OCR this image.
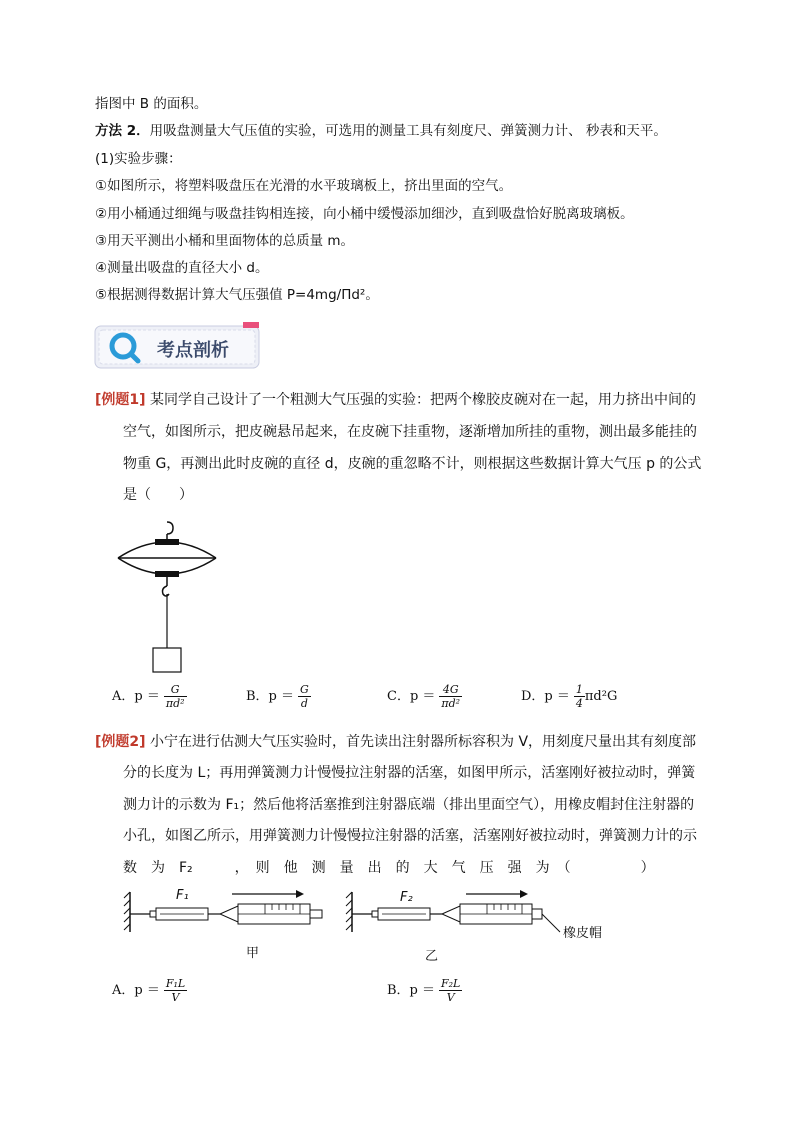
指图中 B 的面积。
方法 2．用吸盘测量大气压值的实验，可选用的测量工具有刻度尺、弹簧测力计、 秒表和天平。
(1)实验步骤：
①如图所示，将塑料吸盘压在光滑的水平玻璃板上，挤出里面的空气。
②用小桶通过细绳与吸盘挂钩相连接，向小桶中缓慢添加细沙，直到吸盘恰好脱离玻璃板。
③用天平测出小桶和里面物体的总质量 m。
④测量出吸盘的直径大小 d。
⑤根据测得数据计算大气压强值 P=4mg/Πd²。
考点剖析
[例题1] 某同学自己设计了一个粗测大气压强的实验：把两个橡胶皮碗对在一起，用力挤出中间的
空气，如图所示，把皮碗悬吊起来，在皮碗下挂重物，逐渐增加所挂的重物，测出最多能挂的
物重 G，再测出此时皮碗的直径 d，皮碗的重忽略不计，则根据这些数据计算大气压 p 的公式
是（　　）
A．$p = \frac{G}{\text{πd²}}$	B．$p = \frac{G}{d}$	C．$p = \frac{4G}{\text{πd²}}$	D．$p = \frac{1}{4} \pi d^2G$
[例题2] 小宁在进行估测大气压实验时，首先读出注射器所标容积为 V，用刻度尺量出其有刻度部
分的长度为 L；再用弹簧测力计慢慢拉注射器的活塞，如图甲所示，活塞刚好被拉动时，弹簧
测力计的示数为 F₁；然后他将活塞推到注射器底端（排出里面空气），用橡皮帽封住注射器的
小孔，如图乙所示，用弹簧测力计慢慢拉注射器的活塞，活塞刚好被拉动时，弹簧测力计的示
数　为　F₂　　　，　则　他　测　量　出　的　大　气　压　强　为　（　　　　　）
F₁	F₂
甲	乙
橡皮帽
A．$p = \frac{\text{F₁L}}{V}$	B．$p = \frac{\text{F₂L}}{V}$
